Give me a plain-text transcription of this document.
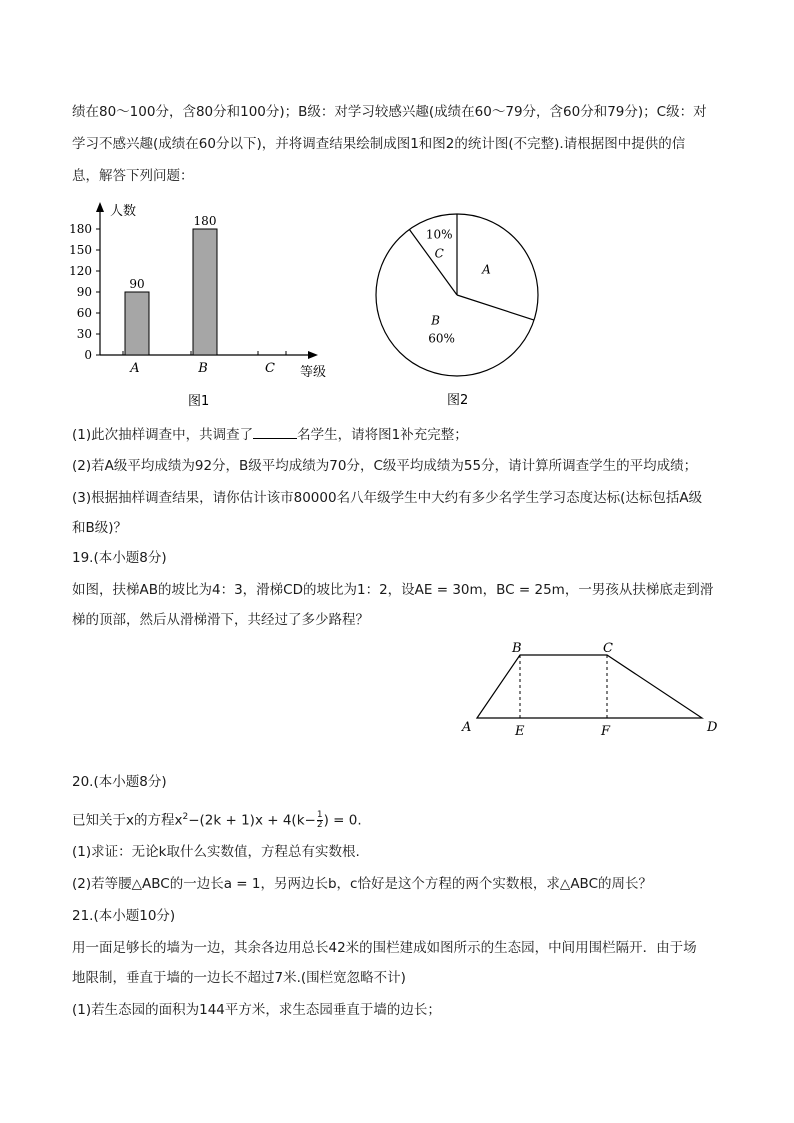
绩在80～100分，含80分和100分)；B级：对学习较感兴趣(成绩在60～79分，含60分和79分)；C级：对
学习不感兴趣(成绩在60分以下)，并将调查结果绘制成图1和图2的统计图(不完整).请根据图中提供的信
息，解答下列问题：
人数
等级
0
30
60
90
120
150
180
90
A
180
B	C
图1
A
B
60%
10%
C
图2
(1)此次抽样调查中，共调查了	名学生，请将图1补充完整；
(2)若A级平均成绩为92分，B级平均成绩为70分，C级平均成绩为55分，请计算所调查学生的平均成绩；
(3)根据抽样调查结果，请你估计该市80000名八年级学生中大约有多少名学生学习态度达标(达标包括A级
和B级)？
19.(本小题8分)
如图，扶梯AB的坡比为4：3，滑梯CD的坡比为1：2，设AE = 30m，BC = 25m，一男孩从扶梯底走到滑
梯的顶部，然后从滑梯滑下，共经过了多少路程？
A
B	C
D
E	F
20.(本小题8分)
已知关于x的方程$x^2-(2k + 1)x + 4(k- \frac{1}{2}$ ) = 0.
(1)求证：无论k取什么实数值，方程总有实数根.
(2)若等腰△ABC的一边长a = 1，另两边长b，c恰好是这个方程的两个实数根，求△ABC的周长？
21.(本小题10分)
用一面足够长的墙为一边，其余各边用总长42米的围栏建成如图所示的生态园，中间用围栏隔开．由于场
地限制，垂直于墙的一边长不超过7米.(围栏宽忽略不计)
(1)若生态园的面积为144平方米，求生态园垂直于墙的边长；
